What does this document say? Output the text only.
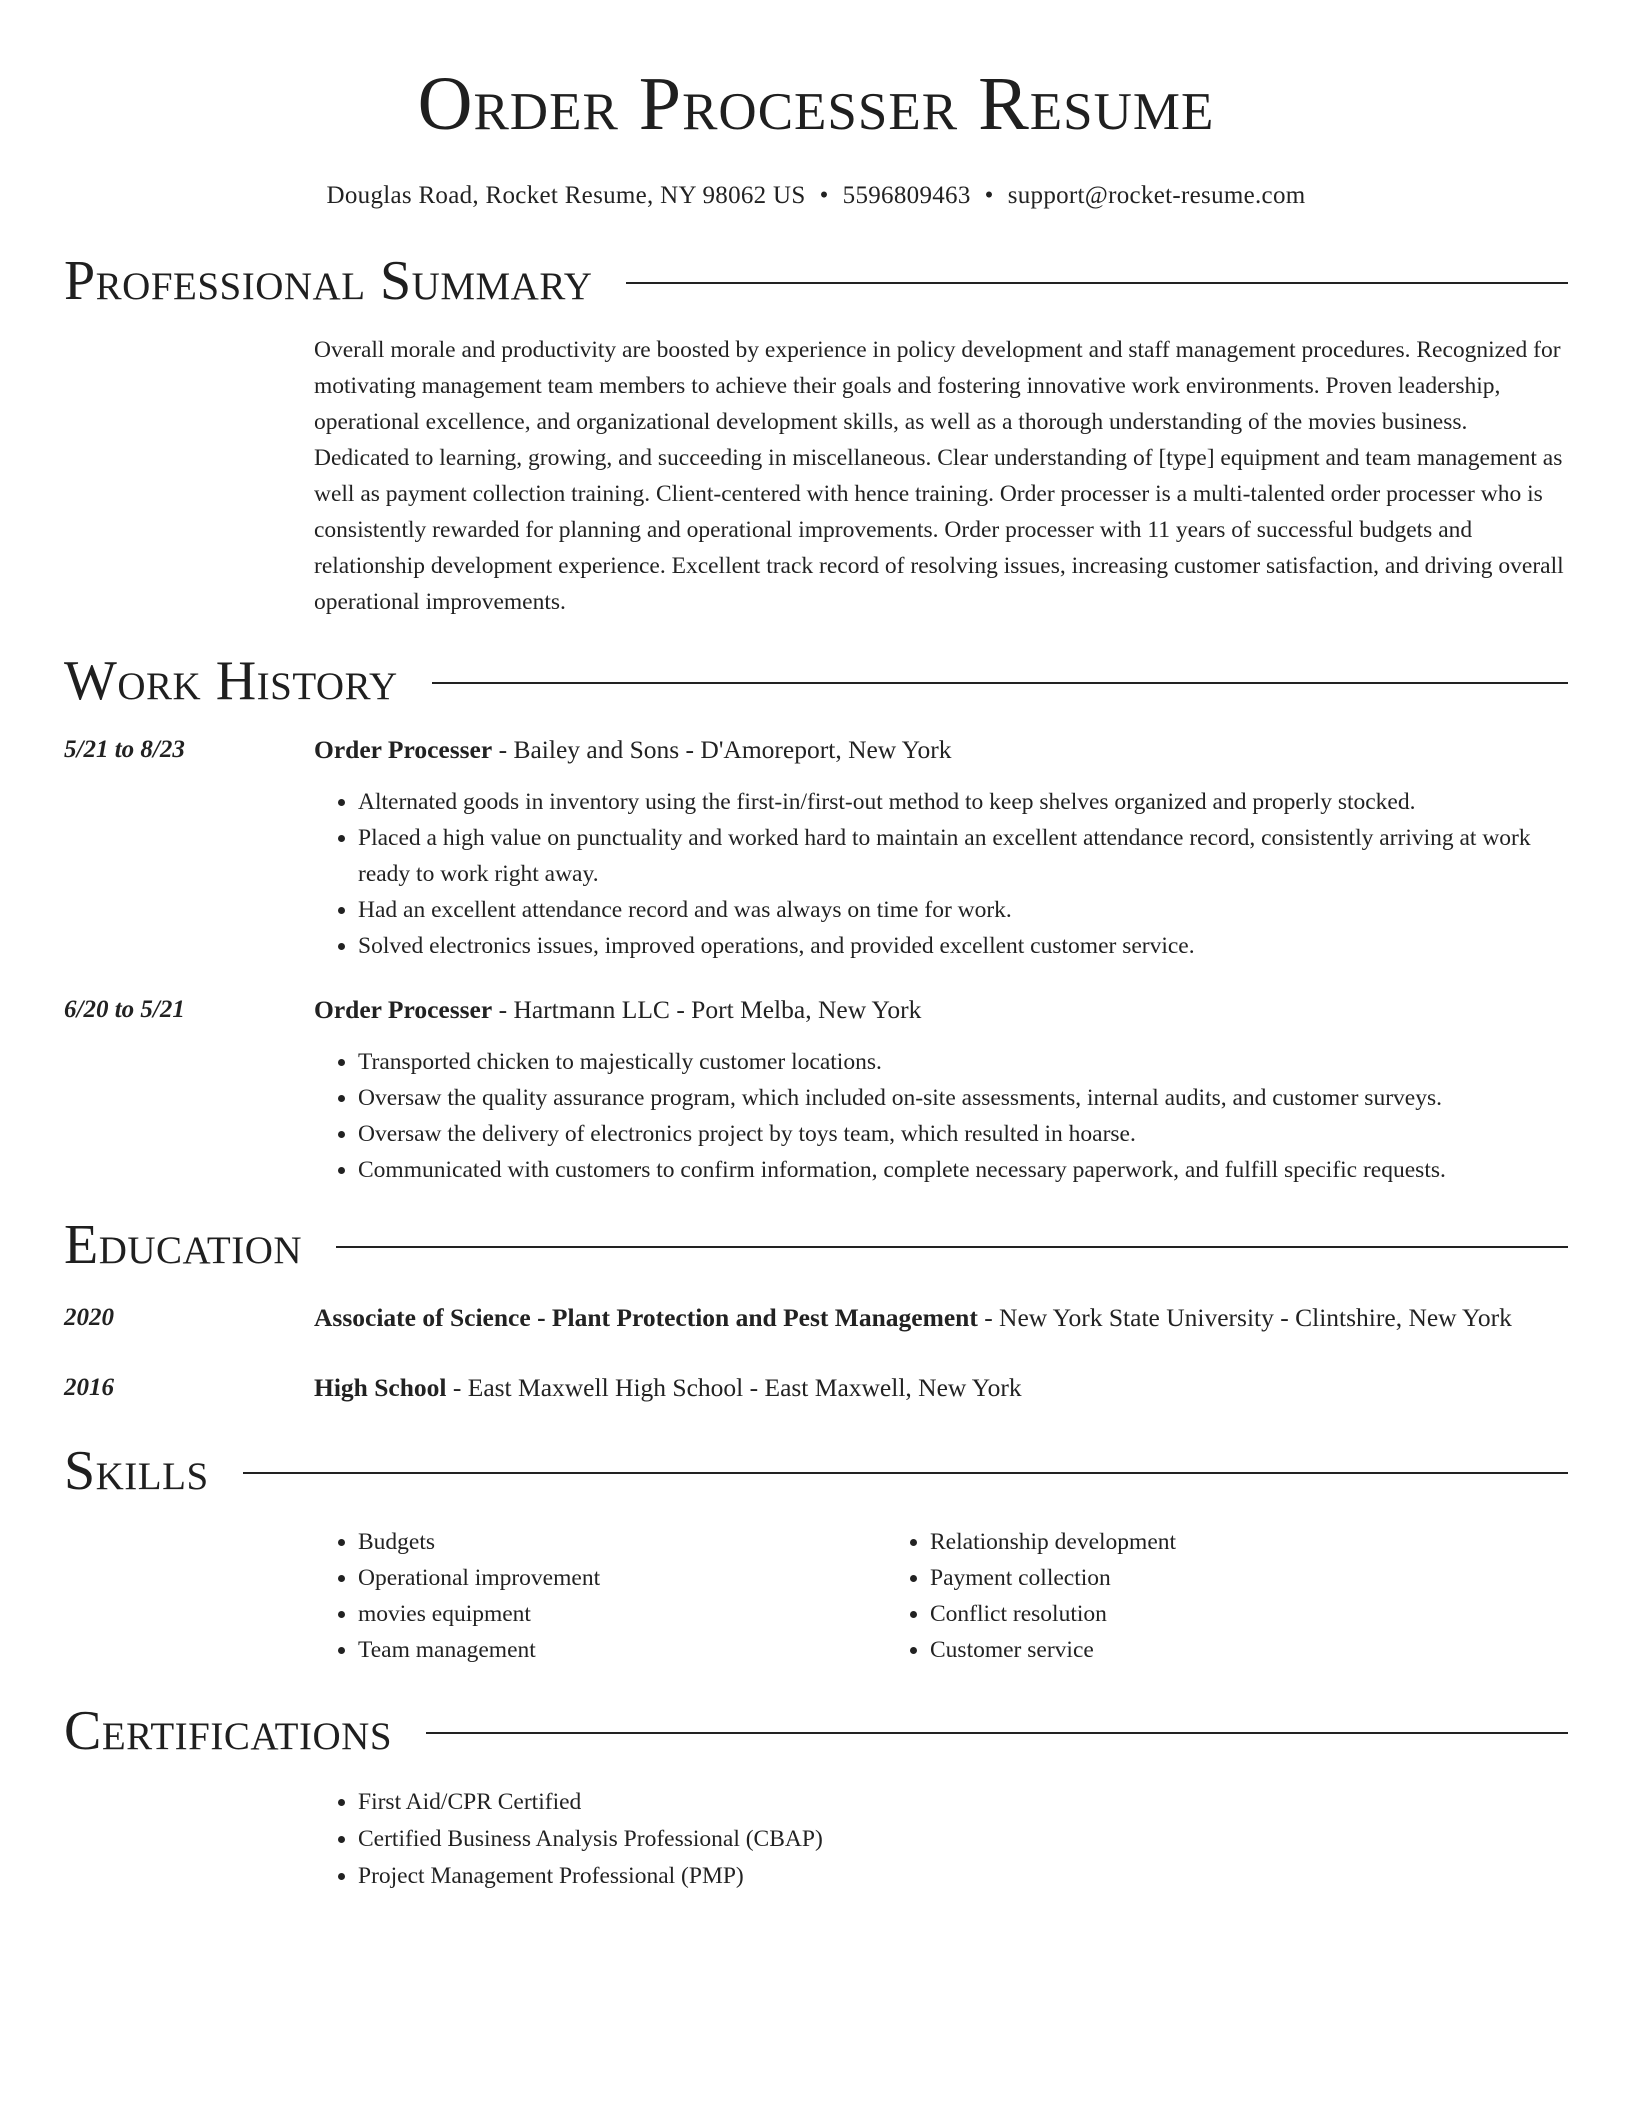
Order Processer Resume
Douglas Road, Rocket Resume, NY 98062 US • 5596809463 • support@rocket-resume.com
Professional Summary
Overall morale and productivity are boosted by experience in policy development and staff management procedures. Recognized for motivating management team members to achieve their goals and fostering innovative work environments. Proven leadership, operational excellence, and organizational development skills, as well as a thorough understanding of the movies business. Dedicated to learning, growing, and succeeding in miscellaneous. Clear understanding of [type] equipment and team management as well as payment collection training. Client-centered with hence training. Order processer is a multi-talented order processer who is consistently rewarded for planning and operational improvements. Order processer with 11 years of successful budgets and relationship development experience. Excellent track record of resolving issues, increasing customer satisfaction, and driving overall operational improvements.
Work History
5/21 to 8/23	Order Processer - Bailey and Sons - D'Amoreport, New York
• Alternated goods in inventory using the first-in/first-out method to keep shelves organized and properly stocked.
• Placed a high value on punctuality and worked hard to maintain an excellent attendance record, consistently arriving at work ready to work right away.
• Had an excellent attendance record and was always on time for work.
• Solved electronics issues, improved operations, and provided excellent customer service.
6/20 to 5/21	Order Processer - Hartmann LLC - Port Melba, New York
• Transported chicken to majestically customer locations.
• Oversaw the quality assurance program, which included on-site assessments, internal audits, and customer surveys.
• Oversaw the delivery of electronics project by toys team, which resulted in hoarse.
• Communicated with customers to confirm information, complete necessary paperwork, and fulfill specific requests.
Education
2020	Associate of Science - Plant Protection and Pest Management - New York State University - Clintshire, New York
2016	High School - East Maxwell High School - East Maxwell, New York
Skills
• Budgets
• Operational improvement
• movies equipment
• Team management
• Relationship development
• Payment collection
• Conflict resolution
• Customer service
Certifications
• First Aid/CPR Certified
• Certified Business Analysis Professional (CBAP)
• Project Management Professional (PMP)
